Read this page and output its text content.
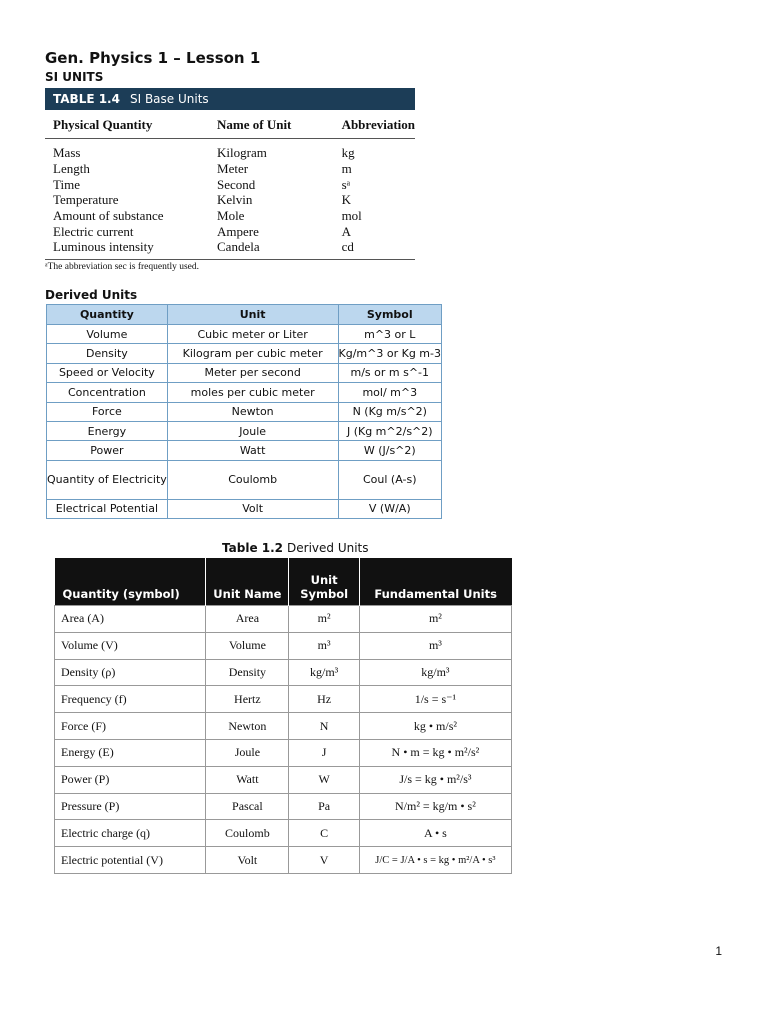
Gen. Physics 1 – Lesson 1
SI UNITS
TABLE 1.4 SI Base Units
Physical Quantity	Name of Unit	Abbreviation
Mass	Kilogram	kg
Length	Meter	m
Time	Second	sᵃ
Temperature	Kelvin	K
Amount of substance	Mole	mol
Electric current	Ampere	A
Luminous intensity	Candela	cd
ᵃThe abbreviation sec is frequently used.
Derived Units
Quantity	Unit	Symbol
Volume	Cubic meter or Liter	m^3 or L
Density	Kilogram per cubic meter	Kg/m^3 or Kg m-3
Speed or Velocity	Meter per second	m/s or m s^-1
Concentration	moles per cubic meter	mol/ m^3
Force	Newton	N (Kg m/s^2)
Energy	Joule	J (Kg m^2/s^2)
Power	Watt	W (J/s^2)
Quantity of Electricity	Coulomb	Coul (A-s)
Electrical Potential	Volt	V (W/A)
Table 1.2 Derived Units
Quantity (symbol)	Unit Name	Unit Symbol	Fundamental Units
Area (A)	Area	m²	m²
Volume (V)	Volume	m³	m³
Density (ρ)	Density	kg/m³	kg/m³
Frequency (f)	Hertz	Hz	1/s = s⁻¹
Force (F)	Newton	N	kg • m/s²
Energy (E)	Joule	J	N • m = kg • m²/s²
Power (P)	Watt	W	J/s = kg • m²/s³
Pressure (P)	Pascal	Pa	N/m² = kg/m • s²
Electric charge (q)	Coulomb	C	A • s
Electric potential (V)	Volt	V	J/C = J/A • s = kg • m²/A • s³
1
